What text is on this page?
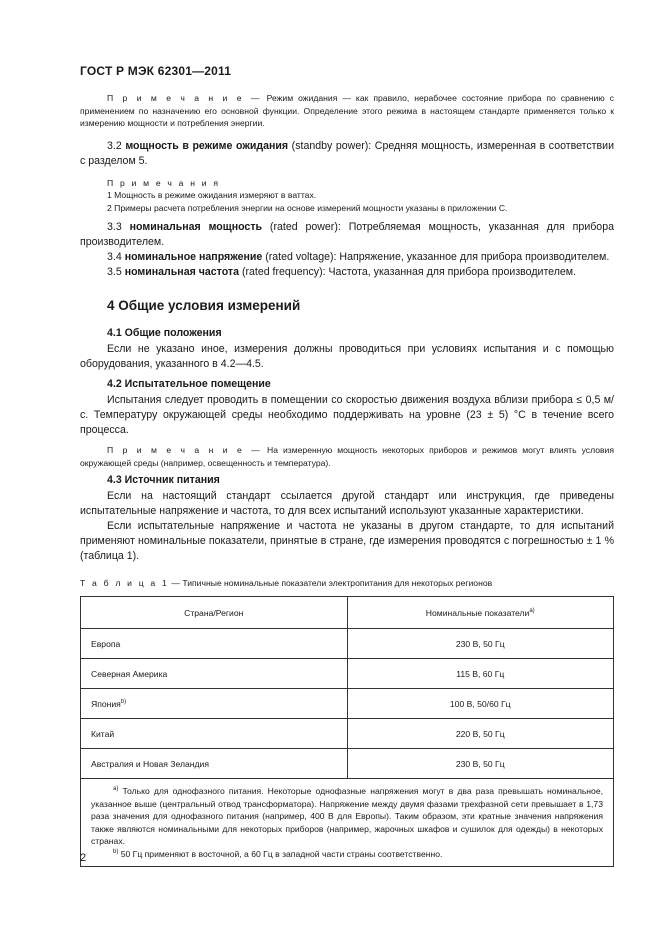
ГОСТ Р МЭК 62301—2011

П р и м е ч а н и е — Режим ожидания — как правило, нерабочее состояние прибора по сравнению с применением по назначению его основной функции. Определение этого режима в настоящем стандарте применяется только к измерению мощности и потребления энергии.

3.2 мощность в режиме ожидания (standby power): Средняя мощность, измеренная в соответствии с разделом 5.

П р и м е ч а н и я

1 Мощность в режиме ожидания измеряют в ваттах.

2 Примеры расчета потребления энергии на основе измерений мощности указаны в приложении С.

3.3 номинальная мощность (rated power): Потребляемая мощность, указанная для прибора производителем.

3.4 номинальное напряжение (rated voltage): Напряжение, указанное для прибора производителем.

3.5 номинальная частота (rated frequency): Частота, указанная для прибора производителем.

4 Общие условия измерений

4.1 Общие положения

Если не указано иное, измерения должны проводиться при условиях испытания и с помощью оборудования, указанного в 4.2—4.5.

4.2 Испытательное помещение

Испытания следует проводить в помещении со скоростью движения воздуха вблизи прибора ≤ 0,5 м/с. Температуру окружающей среды необходимо поддерживать на уровне (23 ± 5) °С в течение всего процесса.

П р и м е ч а н и е — На измеренную мощность некоторых приборов и режимов могут влиять условия окружающей среды (например, освещенность и температура).

4.3 Источник питания

Если на настоящий стандарт ссылается другой стандарт или инструкция, где приведены испытательные напряжение и частота, то для всех испытаний используют указанные характеристики.

Если испытательные напряжение и частота не указаны в другом стандарте, то для испытаний применяют номинальные показатели, принятые в стране, где измерения проводятся с погрешностью ± 1 % (таблица 1).

Т а б л и ц а 1 — Типичные номинальные показатели электропитания для некоторых регионов

Страна/Регион	Номинальные показатели$^{а)}$
Европа	230 В, 50 Гц
Северная Америка	115 В, 60 Гц
Япония$^{b)}$	100 В, 50/60 Гц
Китай	220 В, 50 Гц
Австралия и Новая Зеландия	230 В, 50 Гц

$^{а)}$ Только для однофазного питания. Некоторые однофазные напряжения могут в два раза превышать номинальное, указанное выше (центральный отвод трансформатора). Напряжение между двумя фазами трехфазной сети превышает в 1,73 раза значения для однофазного питания (например, 400 В для Европы). Таким образом, эти кратные значения напряжения также являются номинальными для некоторых приборов (например, жарочных шкафов и сушилок для одежды) в некоторых странах.

$^{b)}$ 50 Гц применяют в восточной, а 60 Гц в западной части страны соответственно.	

2
